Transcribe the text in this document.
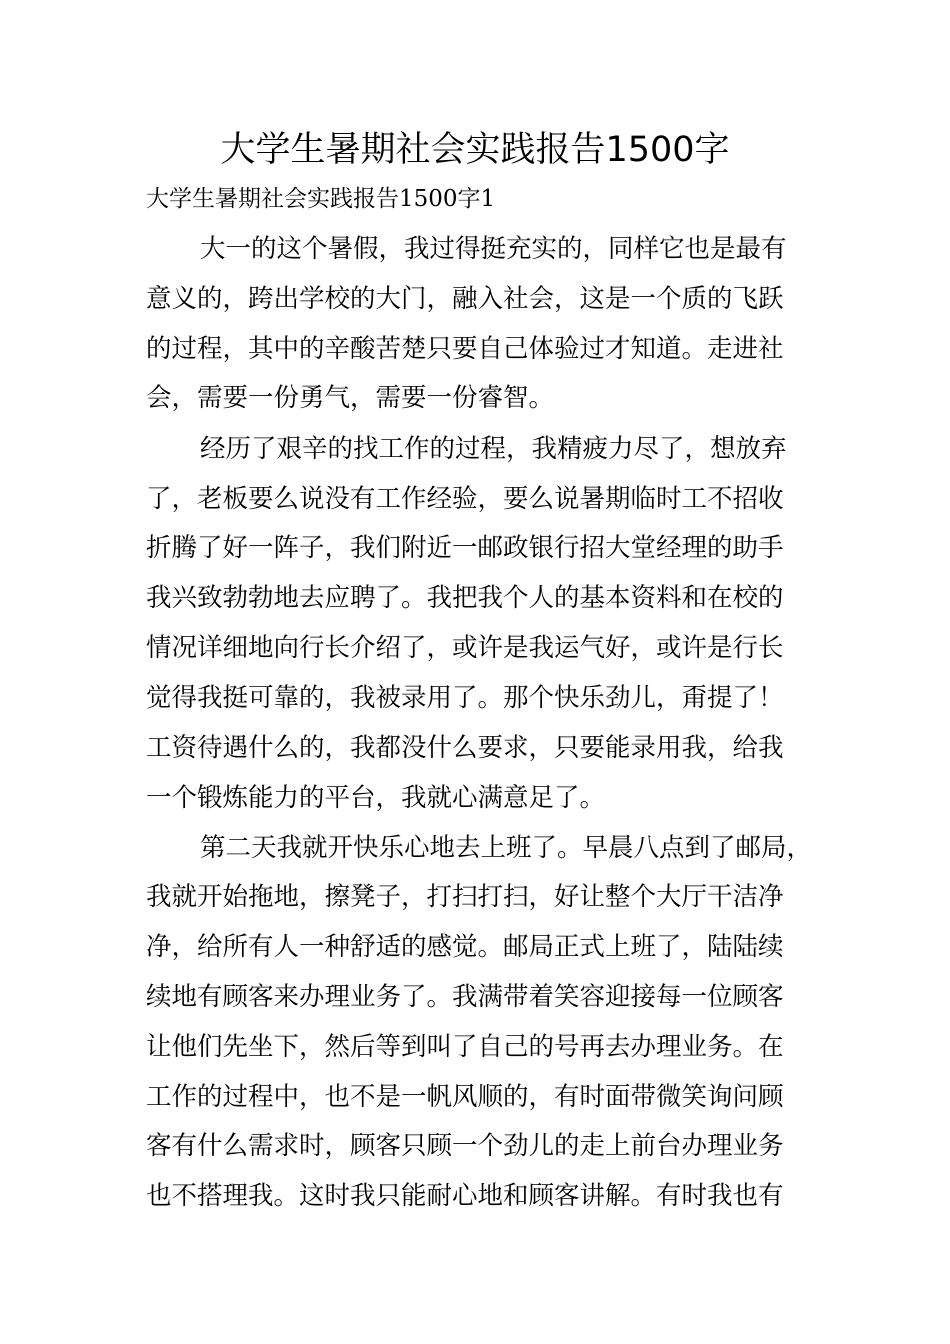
大学生暑期社会实践报告1500字
大学生暑期社会实践报告1500字1
大一的这个暑假，我过得挺充实的，同样它也是最有
意义的，跨出学校的大门，融入社会，这是一个质的飞跃
的过程，其中的辛酸苦楚只要自己体验过才知道。走进社
会，需要一份勇气，需要一份睿智。
经历了艰辛的找工作的过程，我精疲力尽了，想放弃
了，老板要么说没有工作经验，要么说暑期临时工不招收
折腾了好一阵子，我们附近一邮政银行招大堂经理的助手
我兴致勃勃地去应聘了。我把我个人的基本资料和在校的
情况详细地向行长介绍了，或许是我运气好，或许是行长
觉得我挺可靠的，我被录用了。那个快乐劲儿，甭提了！
工资待遇什么的，我都没什么要求，只要能录用我，给我
一个锻炼能力的平台，我就心满意足了。
第二天我就开快乐心地去上班了。早晨八点到了邮局，
我就开始拖地，擦凳子，打扫打扫，好让整个大厅干洁净
净，给所有人一种舒适的感觉。邮局正式上班了，陆陆续
续地有顾客来办理业务了。我满带着笑容迎接每一位顾客
让他们先坐下，然后等到叫了自己的号再去办理业务。在
工作的过程中，也不是一帆风顺的，有时面带微笑询问顾
客有什么需求时，顾客只顾一个劲儿的走上前台办理业务
也不搭理我。这时我只能耐心地和顾客讲解。有时我也有
